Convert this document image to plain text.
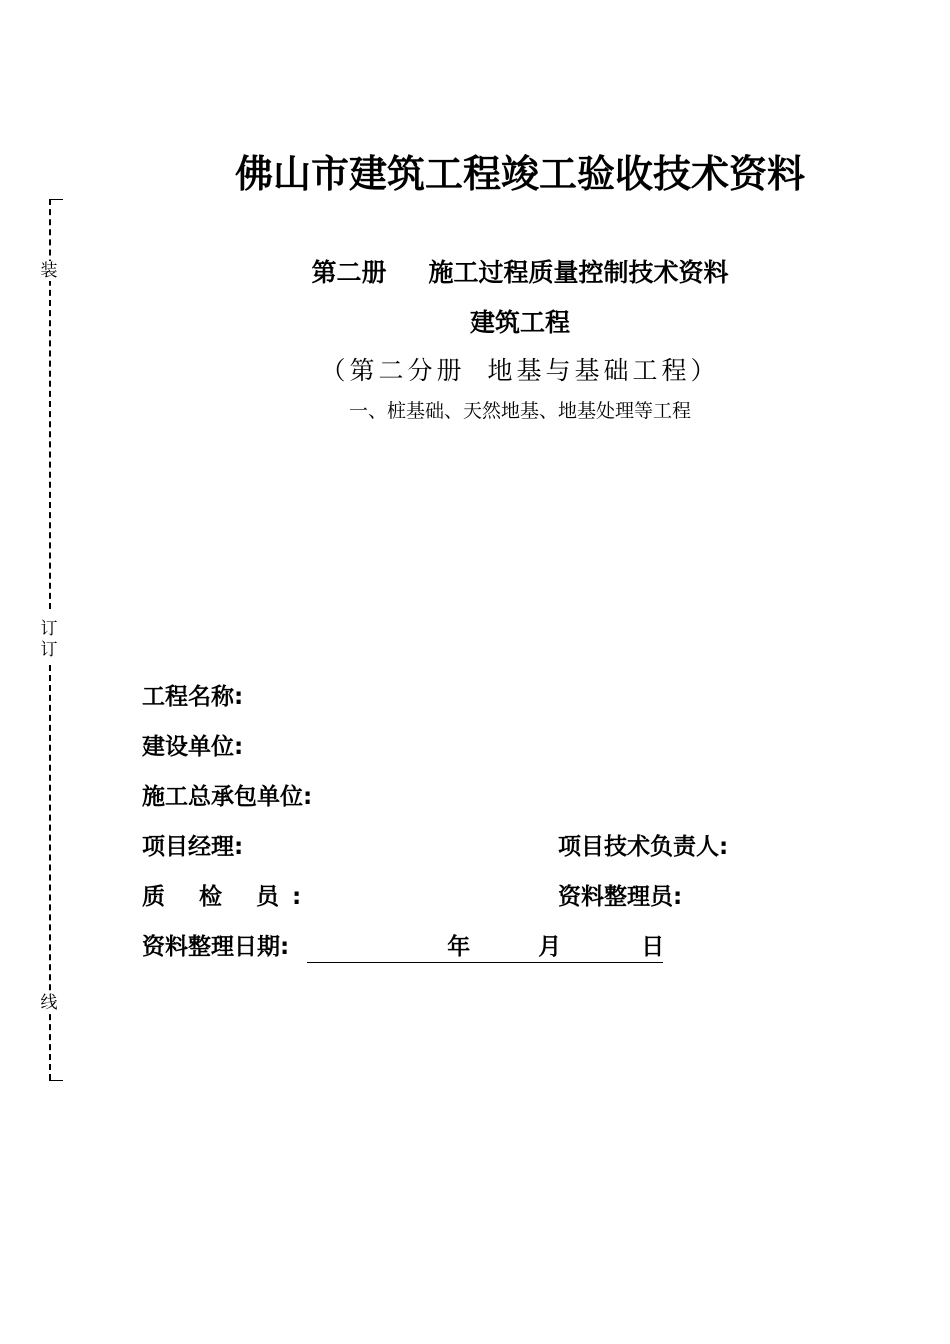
装
订
订
线
佛山市建筑工程竣工验收技术资料
第二册 施工过程质量控制技术资料
建筑工程
（第二分册 地基与基础工程）
一、桩基础、天然地基、地基处理等工程
工程名称:
建设单位:
施工总承包单位:
项目经理:	项目技术负责人:
质 检 员:	资料整理员:
资料整理日期:	年	月	日
